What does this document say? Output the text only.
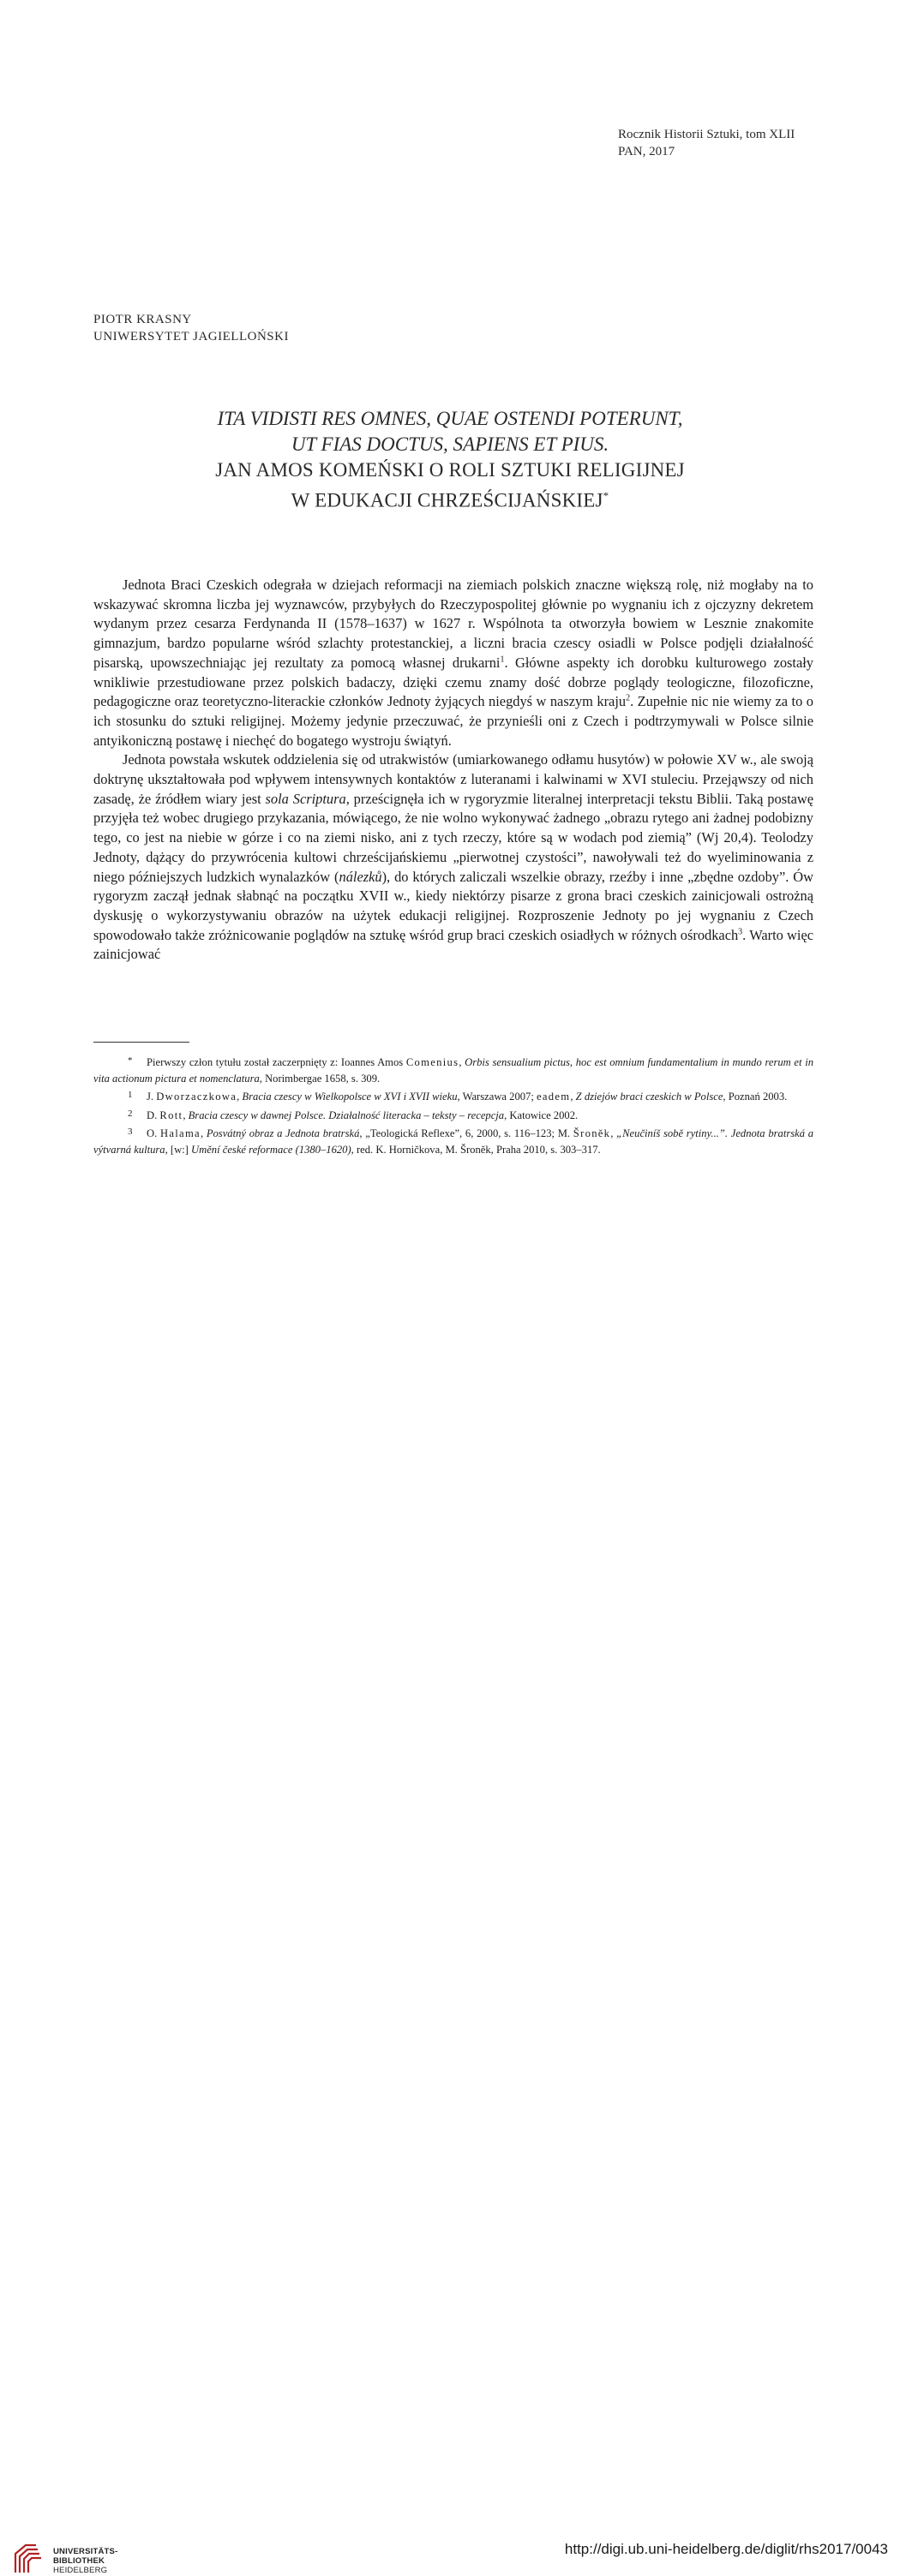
Rocznik Historii Sztuki, tom XLII
PAN, 2017
PIOTR KRASNY
UNIWERSYTET JAGIELLOŃSKI
ITA VIDISTI RES OMNES, QUAE OSTENDI POTERUNT,
UT FIAS DOCTUS, SAPIENS ET PIUS.
JAN AMOS KOMEŃSKI O ROLI SZTUKI RELIGIJNEJ
W EDUKACJI CHRZEŚCIJAŃSKIEJ*

Jednota Braci Czeskich odegrała w dziejach reformacji na ziemiach polskich znaczne większą rolę, niż mogłaby na to wskazywać skromna liczba jej wyznawców, przybyłych do Rzeczypospolitej głównie po wygnaniu ich z ojczyzny dekretem wydanym przez cesarza Ferdynanda II (1578–1637) w 1627 r. Wspólnota ta otworzyła bowiem w Lesznie znakomite gimnazjum, bardzo popularne wśród szlachty protestanckiej, a liczni bracia czescy osiadli w Polsce podjęli działalność pisarską, upowszechniając jej rezultaty za pomocą własnej drukarni$^1$. Główne aspekty ich dorobku kulturowego zostały wnikliwie przestudiowane przez polskich badaczy, dzięki czemu znamy dość dobrze poglądy teologiczne, filozoficzne, pedagogiczne oraz teoretyczno-literackie członków Jednoty żyjących niegdyś w naszym kraju$^2$. Zupełnie nic nie wiemy za to o ich stosunku do sztuki religijnej. Możemy jedynie przeczuwać, że przynieśli oni z Czech i podtrzymywali w Polsce silnie antyikoniczną postawę i niechęć do bogatego wystroju świątyń.

Jednota powstała wskutek oddzielenia się od utrakwistów (umiarkowanego odłamu husytów) w połowie XV w., ale swoją doktrynę ukształtowała pod wpływem intensywnych kontaktów z luteranami i kalwinami w XVI stuleciu. Przejąwszy od nich zasadę, że źródłem wiary jest sola Scriptura, prześcignęła ich w rygoryzmie literalnej interpretacji tekstu Biblii. Taką postawę przyjęła też wobec drugiego przykazania, mówiącego, że nie wolno wykonywać żadnego „obrazu rytego ani żadnej podobizny tego, co jest na niebie w górze i co na ziemi nisko, ani z tych rzeczy, które są w wodach pod ziemią” (Wj 20,4). Teolodzy Jednoty, dążący do przywrócenia kultowi chrześcijańskiemu „pierwotnej czystości”, nawoływali też do wyeliminowania z niego późniejszych ludzkich wynalazków (nálezků), do których zaliczali wszelkie obrazy, rzeźby i inne „zbędne ozdoby”. Ów rygoryzm zaczął jednak słabnąć na początku XVII w., kiedy niektórzy pisarze z grona braci czeskich zainicjowali ostrożną dyskusję o wykorzystywaniu obrazów na użytek edukacji religijnej. Rozproszenie Jednoty po jej wygnaniu z Czech spowodowało także zróżnicowanie poglądów na sztukę wśród grup braci czeskich osiadłych w różnych ośrodkach$^3$. Warto więc zainicjować

* Pierwszy człon tytułu został zaczerpnięty z: Ioannes Amos Comenius, Orbis sensualium pictus, hoc est omnium fundamentalium in mundo rerum et in vita actionum pictura et nomenclatura, Norimbergae 1658, s. 309.

1 J. Dworzaczkowa, Bracia czescy w Wielkopolsce w XVI i XVII wieku, Warszawa 2007; eadem, Z dziejów braci czeskich w Polsce, Poznań 2003.

2 D. Rott, Bracia czescy w dawnej Polsce. Działalność literacka – teksty – recepcja, Katowice 2002.

3 O. Halama, Posvátný obraz a Jednota bratrská, „Teologická Reflexe”, 6, 2000, s. 116–123; M. Šroněk, „Neučiníš sobě rytiny...”. Jednota bratrská a výtvarná kultura, [w:] Umění české reformace (1380–1620), red. K. Horničkova, M. Šroněk, Praha 2010, s. 303–317.

UNIVERSITÄTS-
BIBLIOTHEK
HEIDELBERG
http://digi.ub.uni-heidelberg.de/diglit/rhs2017/0043
